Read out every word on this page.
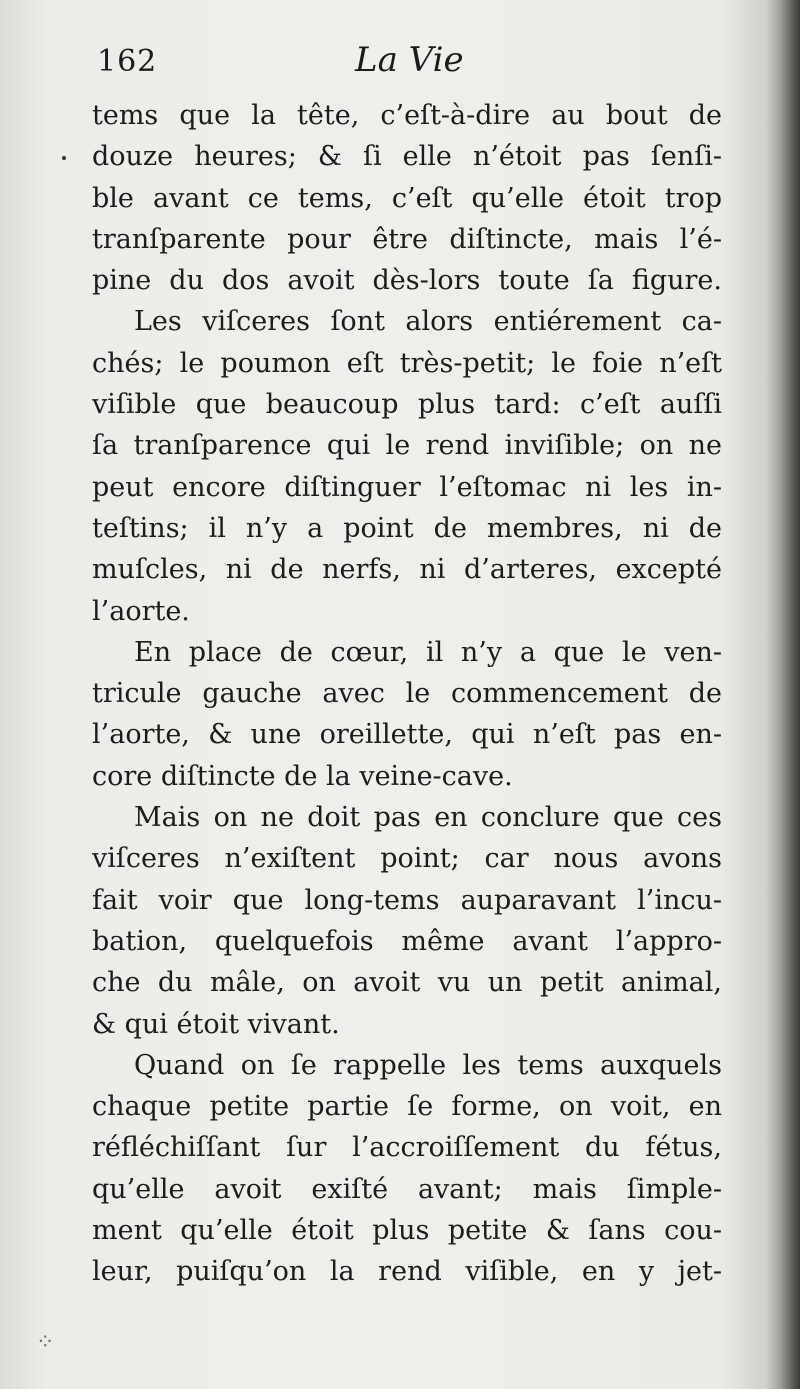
162	La Vie
tems que la tête, c’eſt-à-dire au bout de
douze heures; & ſi elle n’étoit pas ſenſi-
ble avant ce tems, c’eſt qu’elle étoit trop
tranſparente pour être diſtincte, mais l’é-
pine du dos avoit dès-lors toute ſa figure.
Les viſceres ſont alors entiérement ca-
chés; le poumon eſt très-petit; le foie n’eſt
viſible que beaucoup plus tard: c’eſt auſſi
ſa tranſparence qui le rend inviſible; on ne
peut encore diſtinguer l’eſtomac ni les in-
teſtins; il n’y a point de membres, ni de
muſcles, ni de nerfs, ni d’arteres, excepté
l’aorte.
En place de cœur, il n’y a que le ven-
tricule gauche avec le commencement de
l’aorte, & une oreillette, qui n’eſt pas en-
core diſtincte de la veine-cave.
Mais on ne doit pas en conclure que ces
viſceres n’exiſtent point; car nous avons
fait voir que long-tems auparavant l’incu-
bation, quelquefois même avant l’appro-
che du mâle, on avoit vu un petit animal,
& qui étoit vivant.
Quand on ſe rappelle les tems auxquels
chaque petite partie ſe forme, on voit, en
réfléchiſſant ſur l’accroiſſement du fétus,
qu’elle avoit exiſté avant; mais ſimple-
ment qu’elle étoit plus petite & ſans cou-
leur, puiſqu’on la rend viſible, en y jet-
⁘
